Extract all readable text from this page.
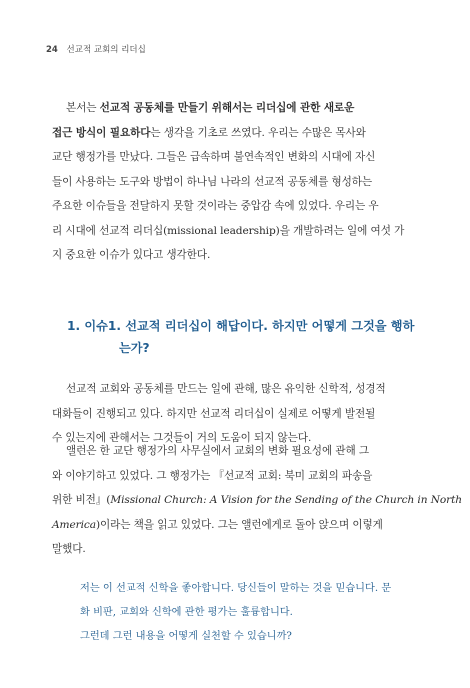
24 선교적 교회의 리더십
본서는 선교적 공동체를 만들기 위해서는 리더십에 관한 새로운
접근 방식이 필요하다는 생각을 기초로 쓰였다. 우리는 수많은 목사와
교단 행정가를 만났다. 그들은 급속하며 불연속적인 변화의 시대에 자신
들이 사용하는 도구와 방법이 하나님 나라의 선교적 공동체를 형성하는
주요한 이슈들을 전달하지 못할 것이라는 중압감 속에 있었다. 우리는 우
리 시대에 선교적 리더십(missional leadership)을 개발하려는 일에 여섯 가
지 중요한 이슈가 있다고 생각한다.
1. 이슈1. 선교적 리더십이 해답이다. 하지만 어떻게 그것을 행하
는가?
선교적 교회와 공동체를 만드는 일에 관해, 많은 유익한 신학적, 성경적
대화들이 진행되고 있다. 하지만 선교적 리더십이 실제로 어떻게 발전될
수 있는지에 관해서는 그것들이 거의 도움이 되지 않는다.
앨런은 한 교단 행정가의 사무실에서 교회의 변화 필요성에 관해 그
와 이야기하고 있었다. 그 행정가는 『선교적 교회: 북미 교회의 파송을
위한 비전』(Missional Church: A Vision for the Sending of the Church in North
America)이라는 책을 읽고 있었다. 그는 앨런에게로 돌아 앉으며 이렇게
말했다.
저는 이 선교적 신학을 좋아합니다. 당신들이 말하는 것을 믿습니다. 문
화 비판, 교회와 신학에 관한 평가는 훌륭합니다.
그런데 그런 내용을 어떻게 실천할 수 있습니까?
